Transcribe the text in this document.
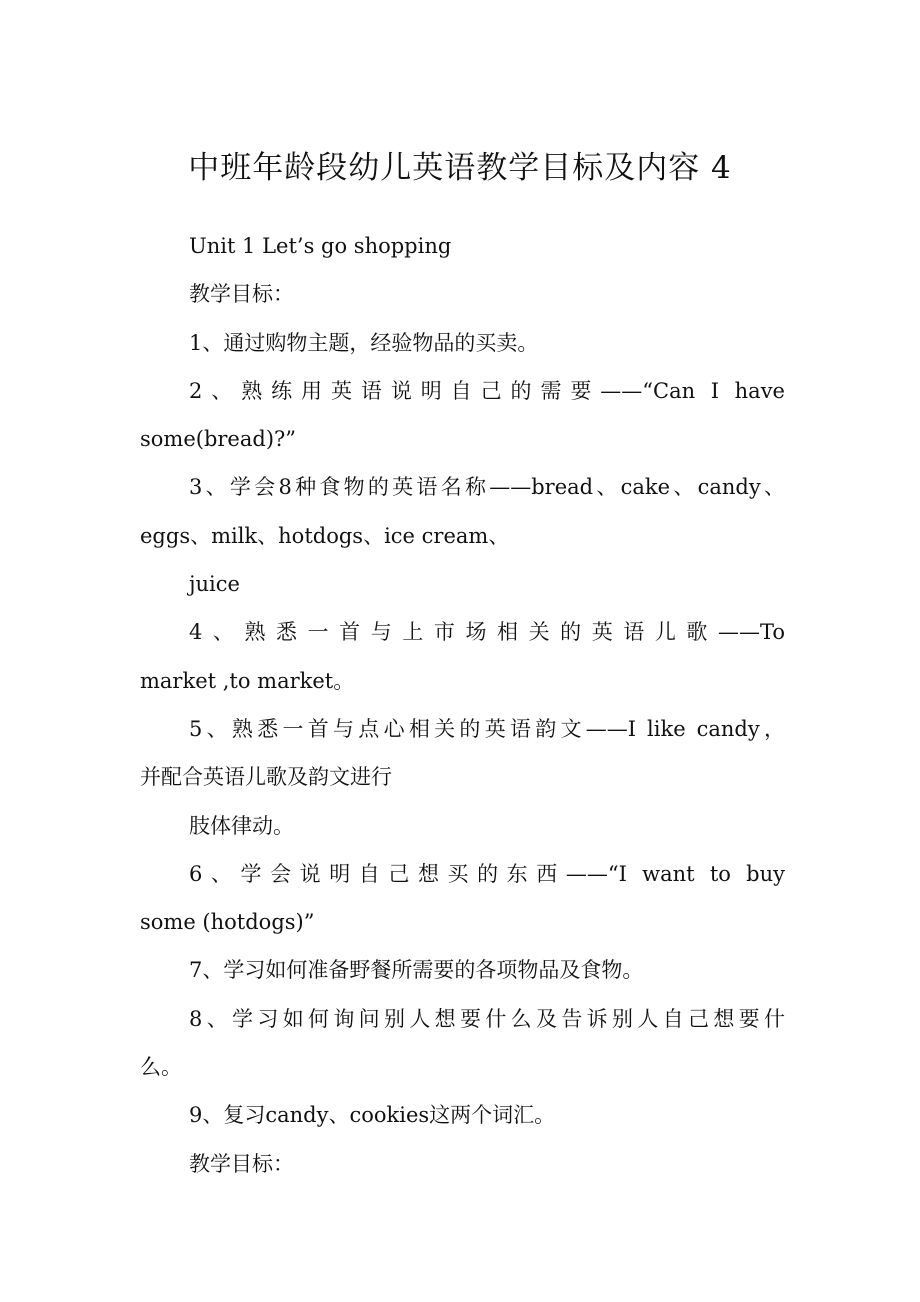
中班年龄段幼儿英语教学目标及内容 4
Unit 1 Let’s go shopping
教学目标：
1、通过购物主题，经验物品的买卖。
2、熟练用英语说明自己的需要——“Can I have
some(bread)?”
3、学会8种食物的英语名称——bread、cake、candy、
eggs、milk、hotdogs、ice cream、
juice
4、熟悉一首与上市场相关的英语儿歌——To
market ,to market。
5、熟悉一首与点心相关的英语韵文——I like candy，
并配合英语儿歌及韵文进行
肢体律动。
6、学会说明自己想买的东西——“I want to buy
some (hotdogs)”
7、学习如何准备野餐所需要的各项物品及食物。
8、学习如何询问别人想要什么及告诉别人自己想要什
么。
9、复习candy、cookies这两个词汇。
教学目标：
